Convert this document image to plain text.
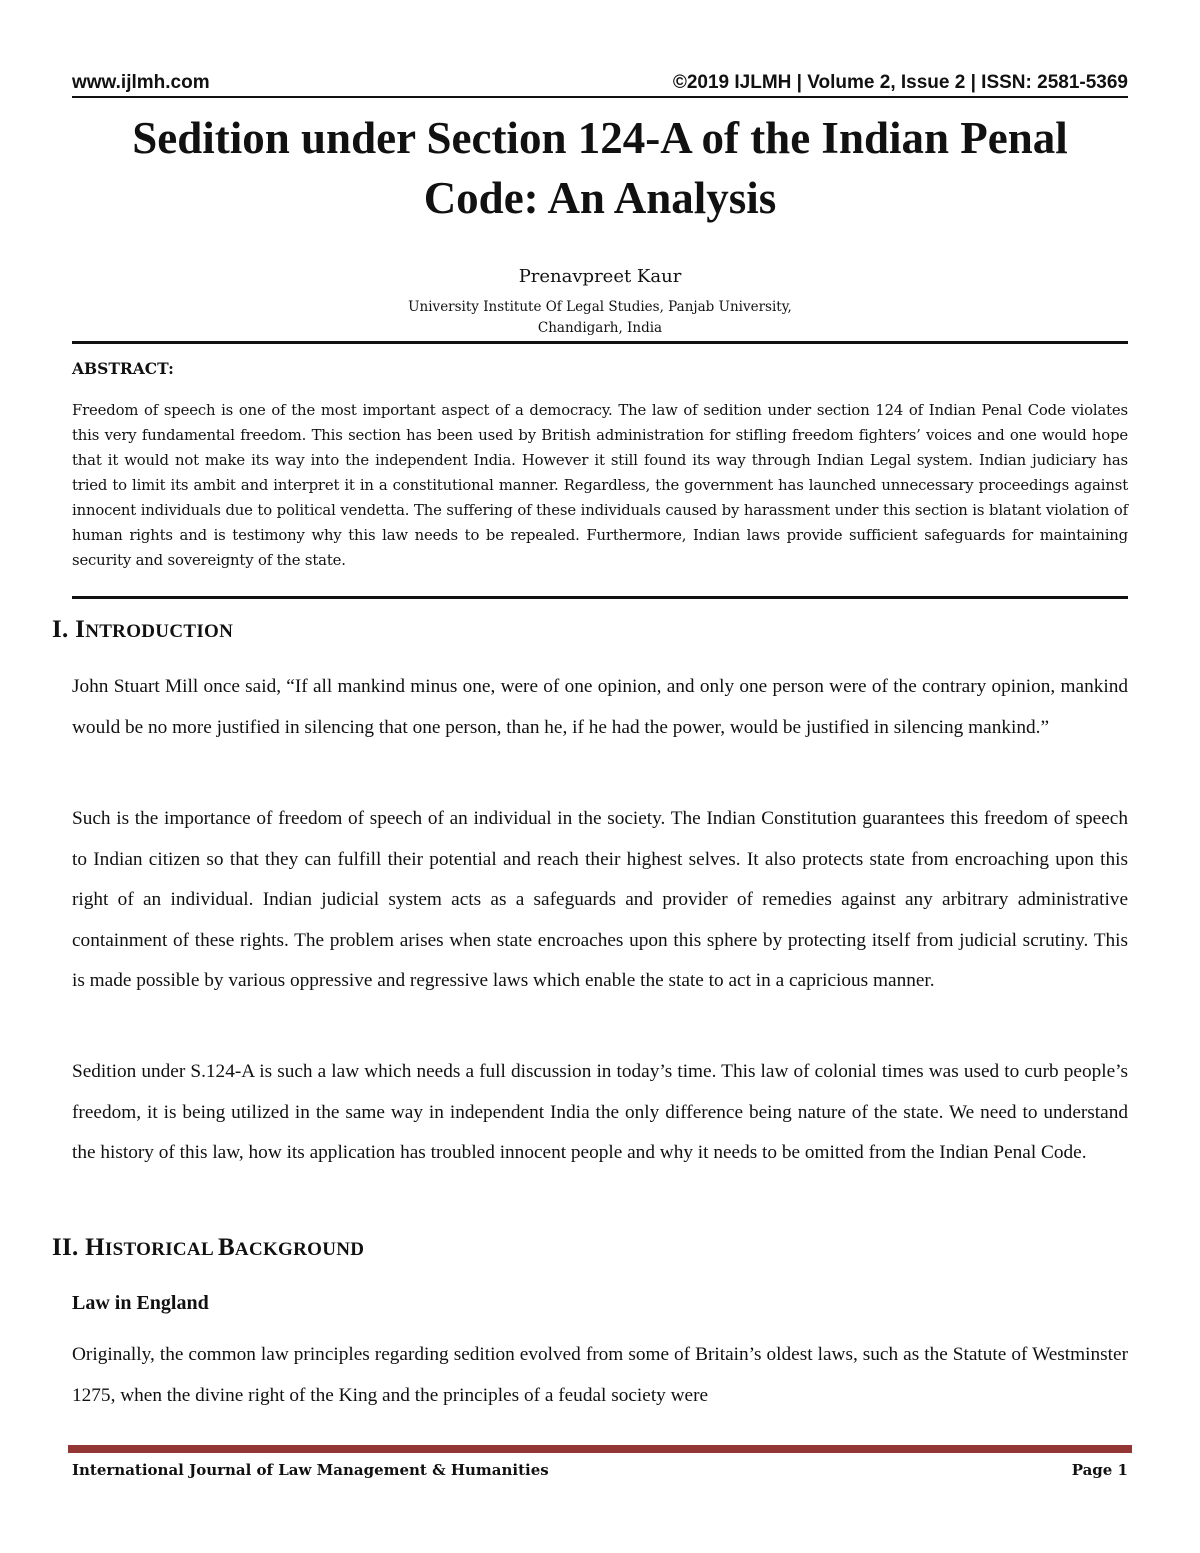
www.ijlmh.com	©2019 IJLMH | Volume 2, Issue 2 | ISSN: 2581-5369
Sedition under Section 124-A of the Indian Penal
Code: An Analysis
Prenavpreet Kaur
University Institute Of Legal Studies, Panjab University,
Chandigarh, India
ABSTRACT:
Freedom of speech is one of the most important aspect of a democracy. The law of sedition under section 124 of Indian Penal Code violates this very fundamental freedom. This section has been used by British administration for stifling freedom fighters’ voices and one would hope that it would not make its way into the independent India. However it still found its way through Indian Legal system. Indian judiciary has tried to limit its ambit and interpret it in a constitutional manner. Regardless, the government has launched unnecessary proceedings against innocent individuals due to political vendetta. The suffering of these individuals caused by harassment under this section is blatant violation of human rights and is testimony why this law needs to be repealed. Furthermore, Indian laws provide sufficient safeguards for maintaining security and sovereignty of the state.
I. INTRODUCTION
John Stuart Mill once said, “If all mankind minus one, were of one opinion, and only one person were of the contrary opinion, mankind would be no more justified in silencing that one person, than he, if he had the power, would be justified in silencing mankind.”
Such is the importance of freedom of speech of an individual in the society. The Indian Constitution guarantees this freedom of speech to Indian citizen so that they can fulfill their potential and reach their highest selves. It also protects state from encroaching upon this right of an individual. Indian judicial system acts as a safeguards and provider of remedies against any arbitrary administrative containment of these rights. The problem arises when state encroaches upon this sphere by protecting itself from judicial scrutiny. This is made possible by various oppressive and regressive laws which enable the state to act in a capricious manner.
Sedition under S.124-A is such a law which needs a full discussion in today’s time. This law of colonial times was used to curb people’s freedom, it is being utilized in the same way in independent India the only difference being nature of the state. We need to understand the history of this law, how its application has troubled innocent people and why it needs to be omitted from the Indian Penal Code.
II. HISTORICAL BACKGROUND
Law in England
Originally, the common law principles regarding sedition evolved from some of Britain’s oldest laws, such as the Statute of Westminster 1275, when the divine right of the King and the principles of a feudal society were
International Journal of Law Management & Humanities	Page 1
